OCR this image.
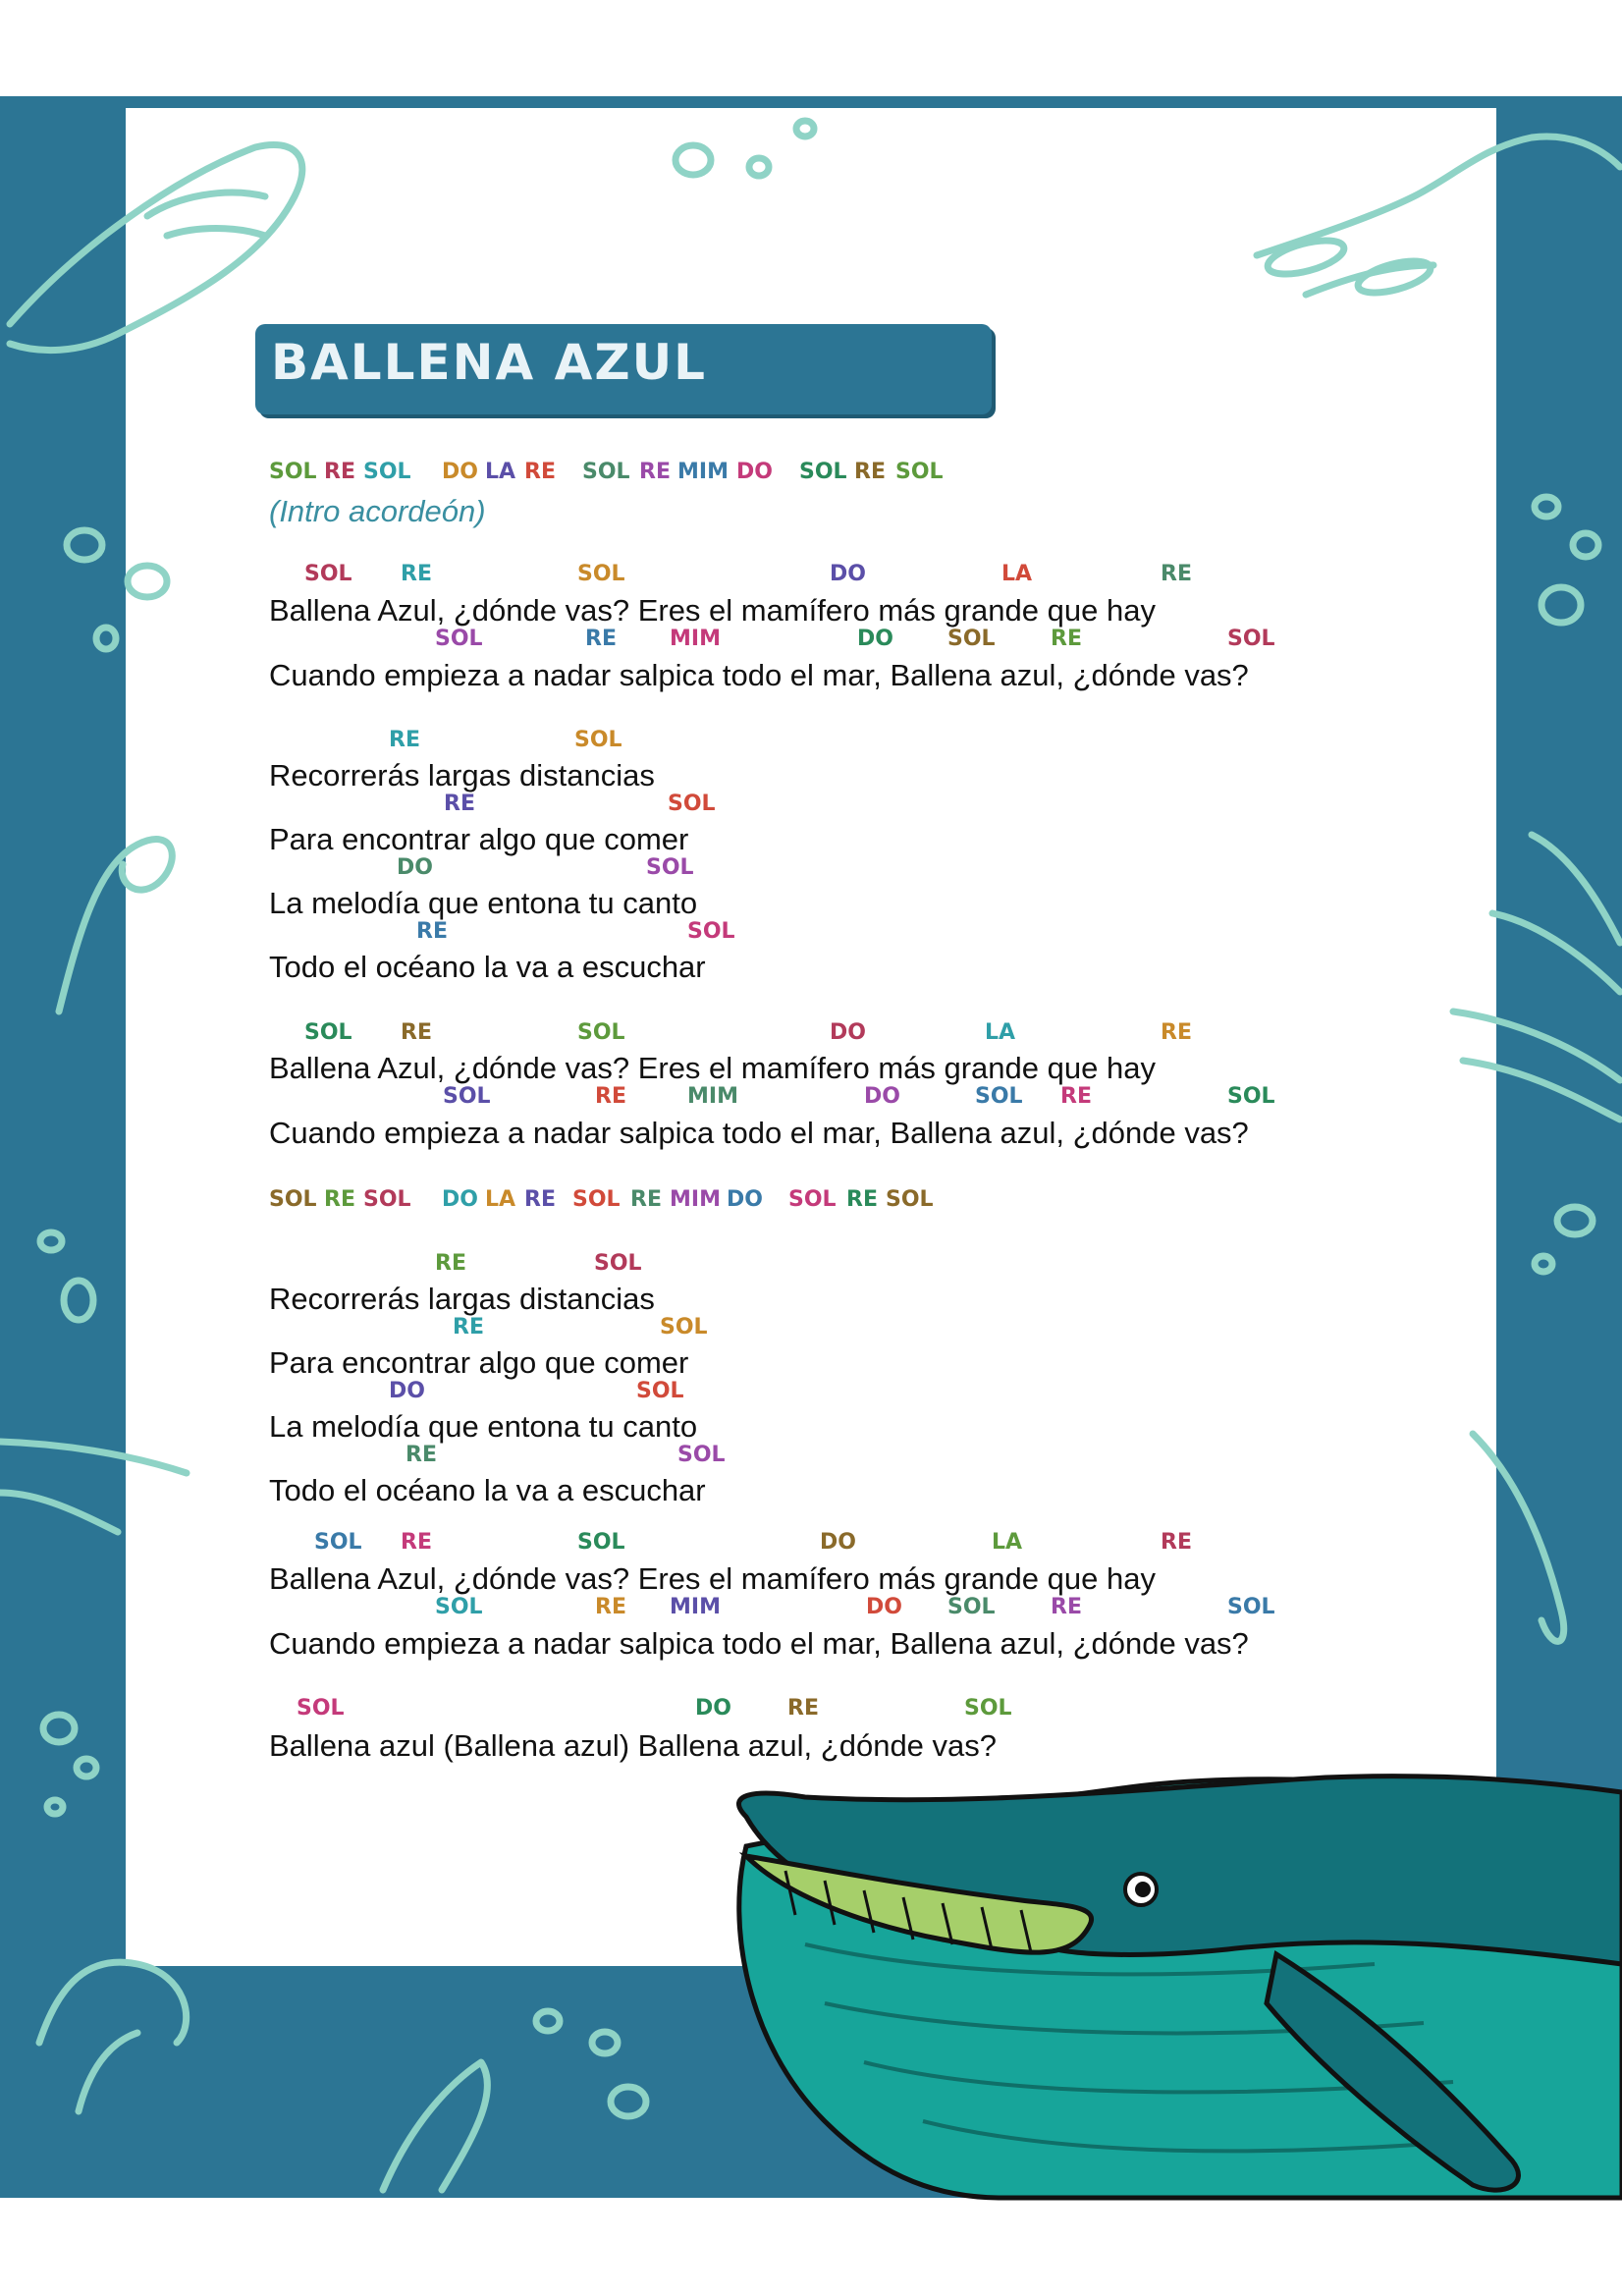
BALLENA AZUL
SOL RE SOL DO LA RE SOL RE MIM DO SOL RE SOL
(Intro acordeón)
SOL RE	SOL	DO	LA	RE
Ballena Azul, ¿dónde vas? Eres el mamífero más grande que hay
SOL	RE MIM	DO	SOL	RE	SOL
Cuando empieza a nadar salpica todo el mar, Ballena azul, ¿dónde vas?
RE	SOL
Recorrerás largas distancias
RE	SOL
Para encontrar algo que comer
DO	SOL
La melodía que entona tu canto
RE	SOL
Todo el océano la va a escuchar
SOL RE	SOL	DO	LA	RE
Ballena Azul, ¿dónde vas? Eres el mamífero más grande que hay
SOL	RE	MIM	DO	SOL RE	SOL
Cuando empieza a nadar salpica todo el mar, Ballena azul, ¿dónde vas?
SOL RE SOL DO LA RE SOL RE MIM DO SOL RE SOL
RE	SOL
Recorrerás largas distancias
RE	SOL
Para encontrar algo que comer
DO	SOL
La melodía que entona tu canto
RE	SOL
Todo el océano la va a escuchar
SOL RE	SOL	DO	LA	RE
Ballena Azul, ¿dónde vas? Eres el mamífero más grande que hay
SOL	RE MIM	DO SOL	RE	SOL
Cuando empieza a nadar salpica todo el mar, Ballena azul, ¿dónde vas?
SOL	DO	RE	SOL
Ballena azul (Ballena azul) Ballena azul, ¿dónde vas?
